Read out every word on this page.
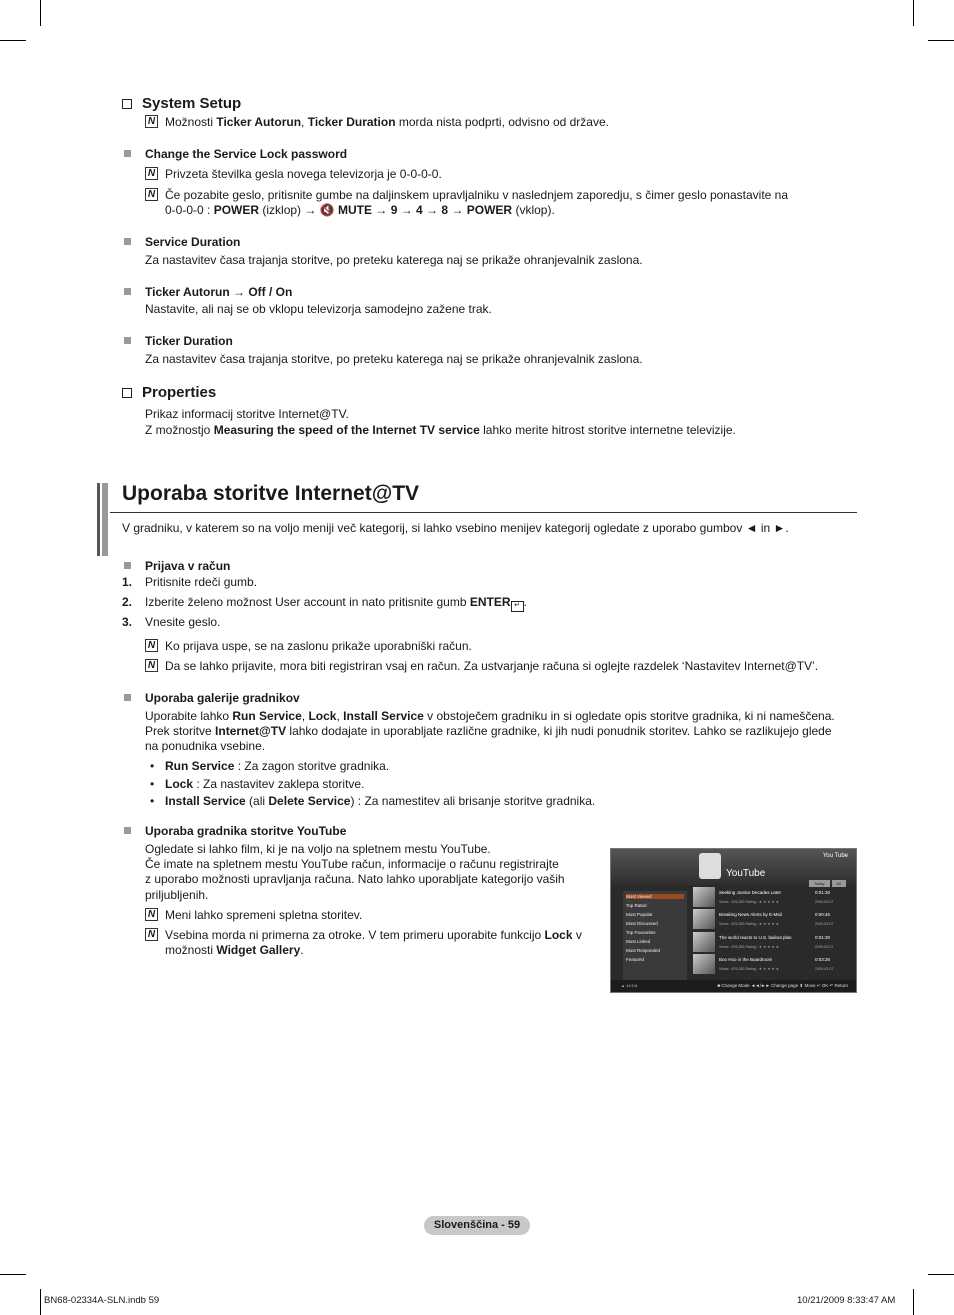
System Setup
N Možnosti Ticker Autorun, Ticker Duration morda nista podprti, odvisno od države.
Change the Service Lock password
N Privzeta številka gesla novega televizorja je 0-0-0-0.
N Če pozabite geslo, pritisnite gumbe na daljinskem upravljalniku v naslednjem zaporedju, s čimer geslo ponastavite na
0-0-0-0 : POWER (izklop) → 🔇 MUTE → 9 → 4 → 8 → POWER (vklop).
Service Duration
Za nastavitev časa trajanja storitve, po preteku katerega naj se prikaže ohranjevalnik zaslona.
Ticker Autorun → Off / On
Nastavite, ali naj se ob vklopu televizorja samodejno zažene trak.
Ticker Duration
Za nastavitev časa trajanja storitve, po preteku katerega naj se prikaže ohranjevalnik zaslona.
Properties
Prikaz informacij storitve Internet@TV.
Z možnostjo Measuring the speed of the Internet TV service lahko merite hitrost storitve internetne televizije.
Uporaba storitve Internet@TV
V gradniku, v katerem so na voljo meniji več kategorij, si lahko vsebino menijev kategorij ogledate z uporabo gumbov ◄ in ►.
Prijava v račun
1. Pritisnite rdeči gumb.
2. Izberite želeno možnost User account in nato pritisnite gumb ENTER ↵ .
3. Vnesite geslo.
N Ko prijava uspe, se na zaslonu prikaže uporabniški račun.
N Da se lahko prijavite, mora biti registriran vsaj en račun. Za ustvarjanje računa si oglejte razdelek ‘Nastavitev Internet@TV’.
Uporaba galerije gradnikov
Uporabite lahko Run Service, Lock, Install Service v obstoječem gradniku in si ogledate opis storitve gradnika, ki ni nameščena.
Prek storitve Internet@TV lahko dodajate in uporabljate različne gradnike, ki jih nudi ponudnik storitev. Lahko se razlikujejo glede
na ponudnika vsebine.
• Run Service : Za zagon storitve gradnika.
• Lock : Za nastavitev zaklepa storitve.
• Install Service (ali Delete Service) : Za namestitev ali brisanje storitve gradnika.
Uporaba gradnika storitve YouTube
Ogledate si lahko film, ki je na voljo na spletnem mestu YouTube.
Če imate na spletnem mestu YouTube račun, informacije o računu registrirajte
z uporabo možnosti upravljanja računa. Nato lahko uporabljate kategorijo vaših
priljubljenih.
N Meni lahko spremeni spletna storitev.
N Vsebina morda ni primerna za otroke. V tem primeru uporabite funkcijo Lock v
možnosti Widget Gallery.
YouTube
You Tube
Today	All
Most Viewed
Top Rated
Most Popular
Most Discussed
Top Favourites
Most Linked
Most Responded
Featured
Seeking Justice Decades Later	0:01:30
Views : 876,263 Rating : ★ ★ ★ ★ ★	2009-03-07
Breaking News Alerts by E-Mail	0:00:45
Views : 876,263 Rating : ★ ★ ★ ★ ★	2009-03-07
The world reacts to U.S. bailout plan	0:01:30
Views : 876,263 Rating : ★ ★ ★ ★ ★	2009-03-07
Boo Hoo in the Boardroom	0:03:26
Views : 876,263 Rating : ★ ★ ★ ★ ★	2009-03-07
▲ 41/1/8	■ Change Mode ◄◄/►► Change page ⬍ Move ↵ OK ↶ Return
Slovenščina - 59
BN68-02334A-SLN.indb 59	10/21/2009 8:33:47 AM
